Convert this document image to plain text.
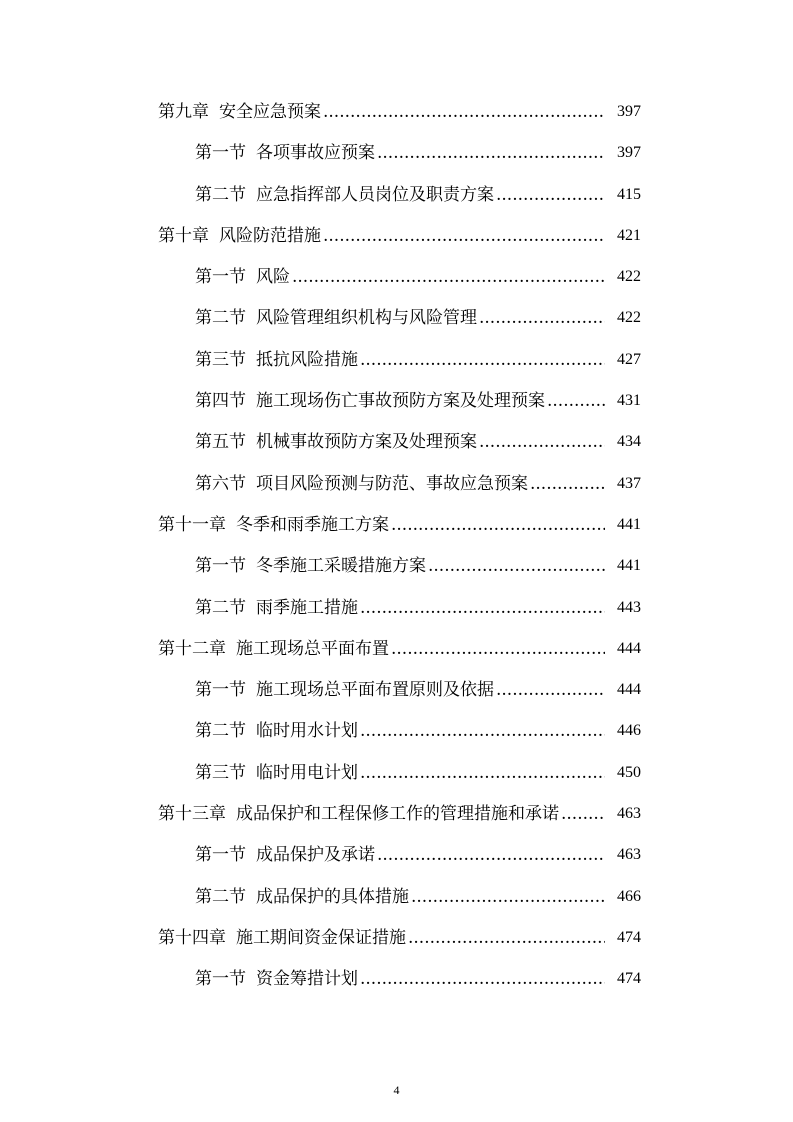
第九章 安全应急预案 .....	397
第一节 各项事故应预案 .....	397
第二节 应急指挥部人员岗位及职责方案 .....	415
第十章 风险防范措施 .....	421
第一节 风险 .....	422
第二节 风险管理组织机构与风险管理 .....	422
第三节 抵抗风险措施 .....	427
第四节 施工现场伤亡事故预防方案及处理预案 .....	431
第五节 机械事故预防方案及处理预案 .....	434
第六节 项目风险预测与防范、事故应急预案 .....	437
第十一章 冬季和雨季施工方案 .....	441
第一节 冬季施工采暖措施方案 .....	441
第二节 雨季施工措施 .....	443
第十二章 施工现场总平面布置 .....	444
第一节 施工现场总平面布置原则及依据 .....	444
第二节 临时用水计划 .....	446
第三节 临时用电计划 .....	450
第十三章 成品保护和工程保修工作的管理措施和承诺 .....	463
第一节 成品保护及承诺 .....	463
第二节 成品保护的具体措施 .....	466
第十四章 施工期间资金保证措施 .....	474
第一节 资金筹措计划 .....	474
4
